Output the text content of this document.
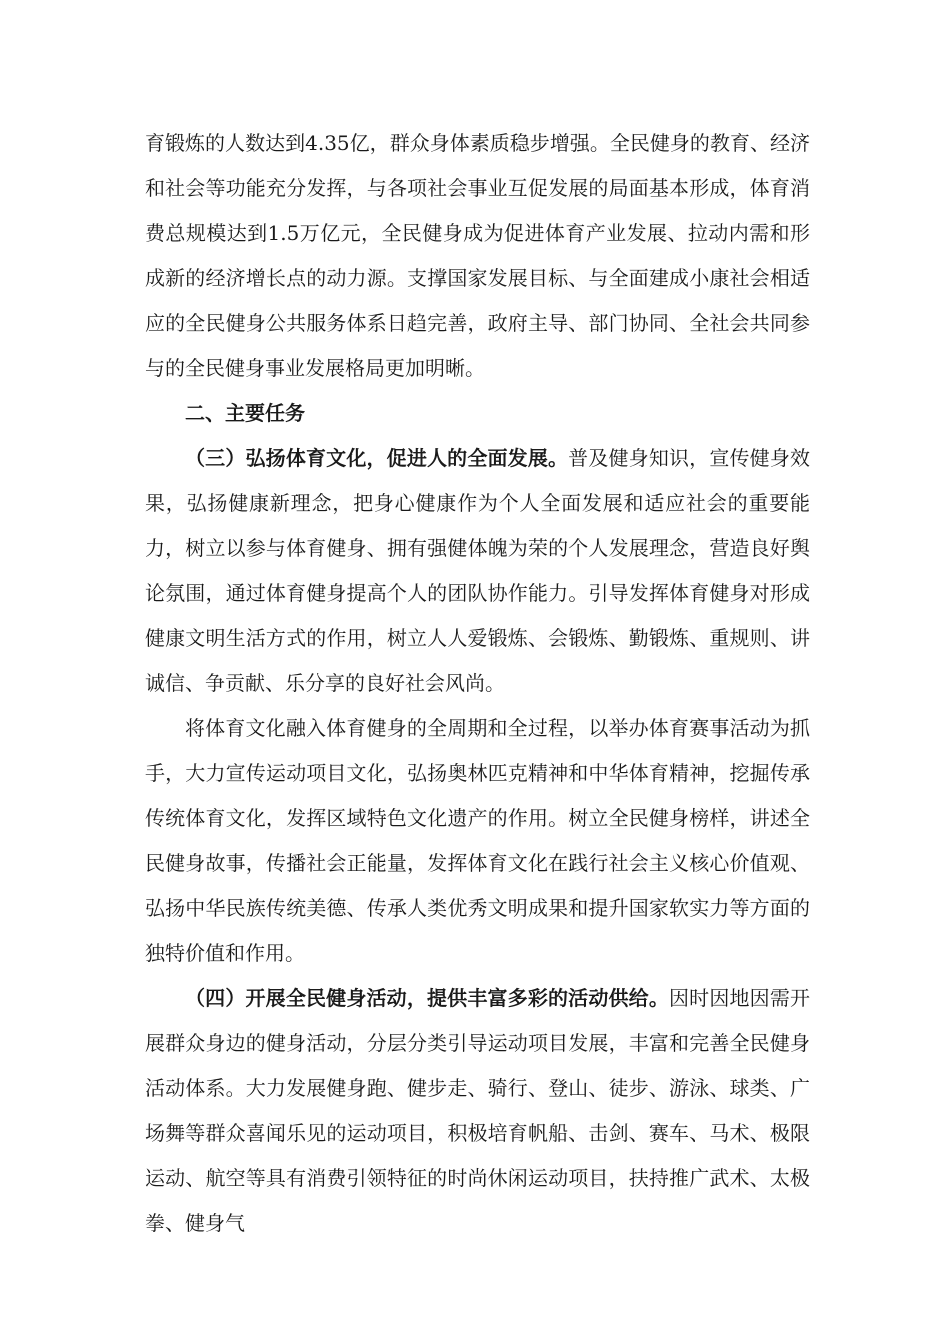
育锻炼的人数达到4.35亿，群众身体素质稳步增强。全民健身的教育、经济和社会等功能充分发挥，与各项社会事业互促发展的局面基本形成，体育消费总规模达到1.5万亿元，全民健身成为促进体育产业发展、拉动内需和形成新的经济增长点的动力源。支撑国家发展目标、与全面建成小康社会相适应的全民健身公共服务体系日趋完善，政府主导、部门协同、全社会共同参与的全民健身事业发展格局更加明晰。

二、主要任务

（三）弘扬体育文化，促进人的全面发展。普及健身知识，宣传健身效果，弘扬健康新理念，把身心健康作为个人全面发展和适应社会的重要能力，树立以参与体育健身、拥有强健体魄为荣的个人发展理念，营造良好舆论氛围，通过体育健身提高个人的团队协作能力。引导发挥体育健身对形成健康文明生活方式的作用，树立人人爱锻炼、会锻炼、勤锻炼、重规则、讲诚信、争贡献、乐分享的良好社会风尚。

将体育文化融入体育健身的全周期和全过程，以举办体育赛事活动为抓手，大力宣传运动项目文化，弘扬奥林匹克精神和中华体育精神，挖掘传承传统体育文化，发挥区域特色文化遗产的作用。树立全民健身榜样，讲述全民健身故事，传播社会正能量，发挥体育文化在践行社会主义核心价值观、弘扬中华民族传统美德、传承人类优秀文明成果和提升国家软实力等方面的独特价值和作用。

（四）开展全民健身活动，提供丰富多彩的活动供给。因时因地因需开展群众身边的健身活动，分层分类引导运动项目发展，丰富和完善全民健身活动体系。大力发展健身跑、健步走、骑行、登山、徒步、游泳、球类、广场舞等群众喜闻乐见的运动项目，积极培育帆船、击剑、赛车、马术、极限运动、航空等具有消费引领特征的时尚休闲运动项目，扶持推广武术、太极拳、健身气
